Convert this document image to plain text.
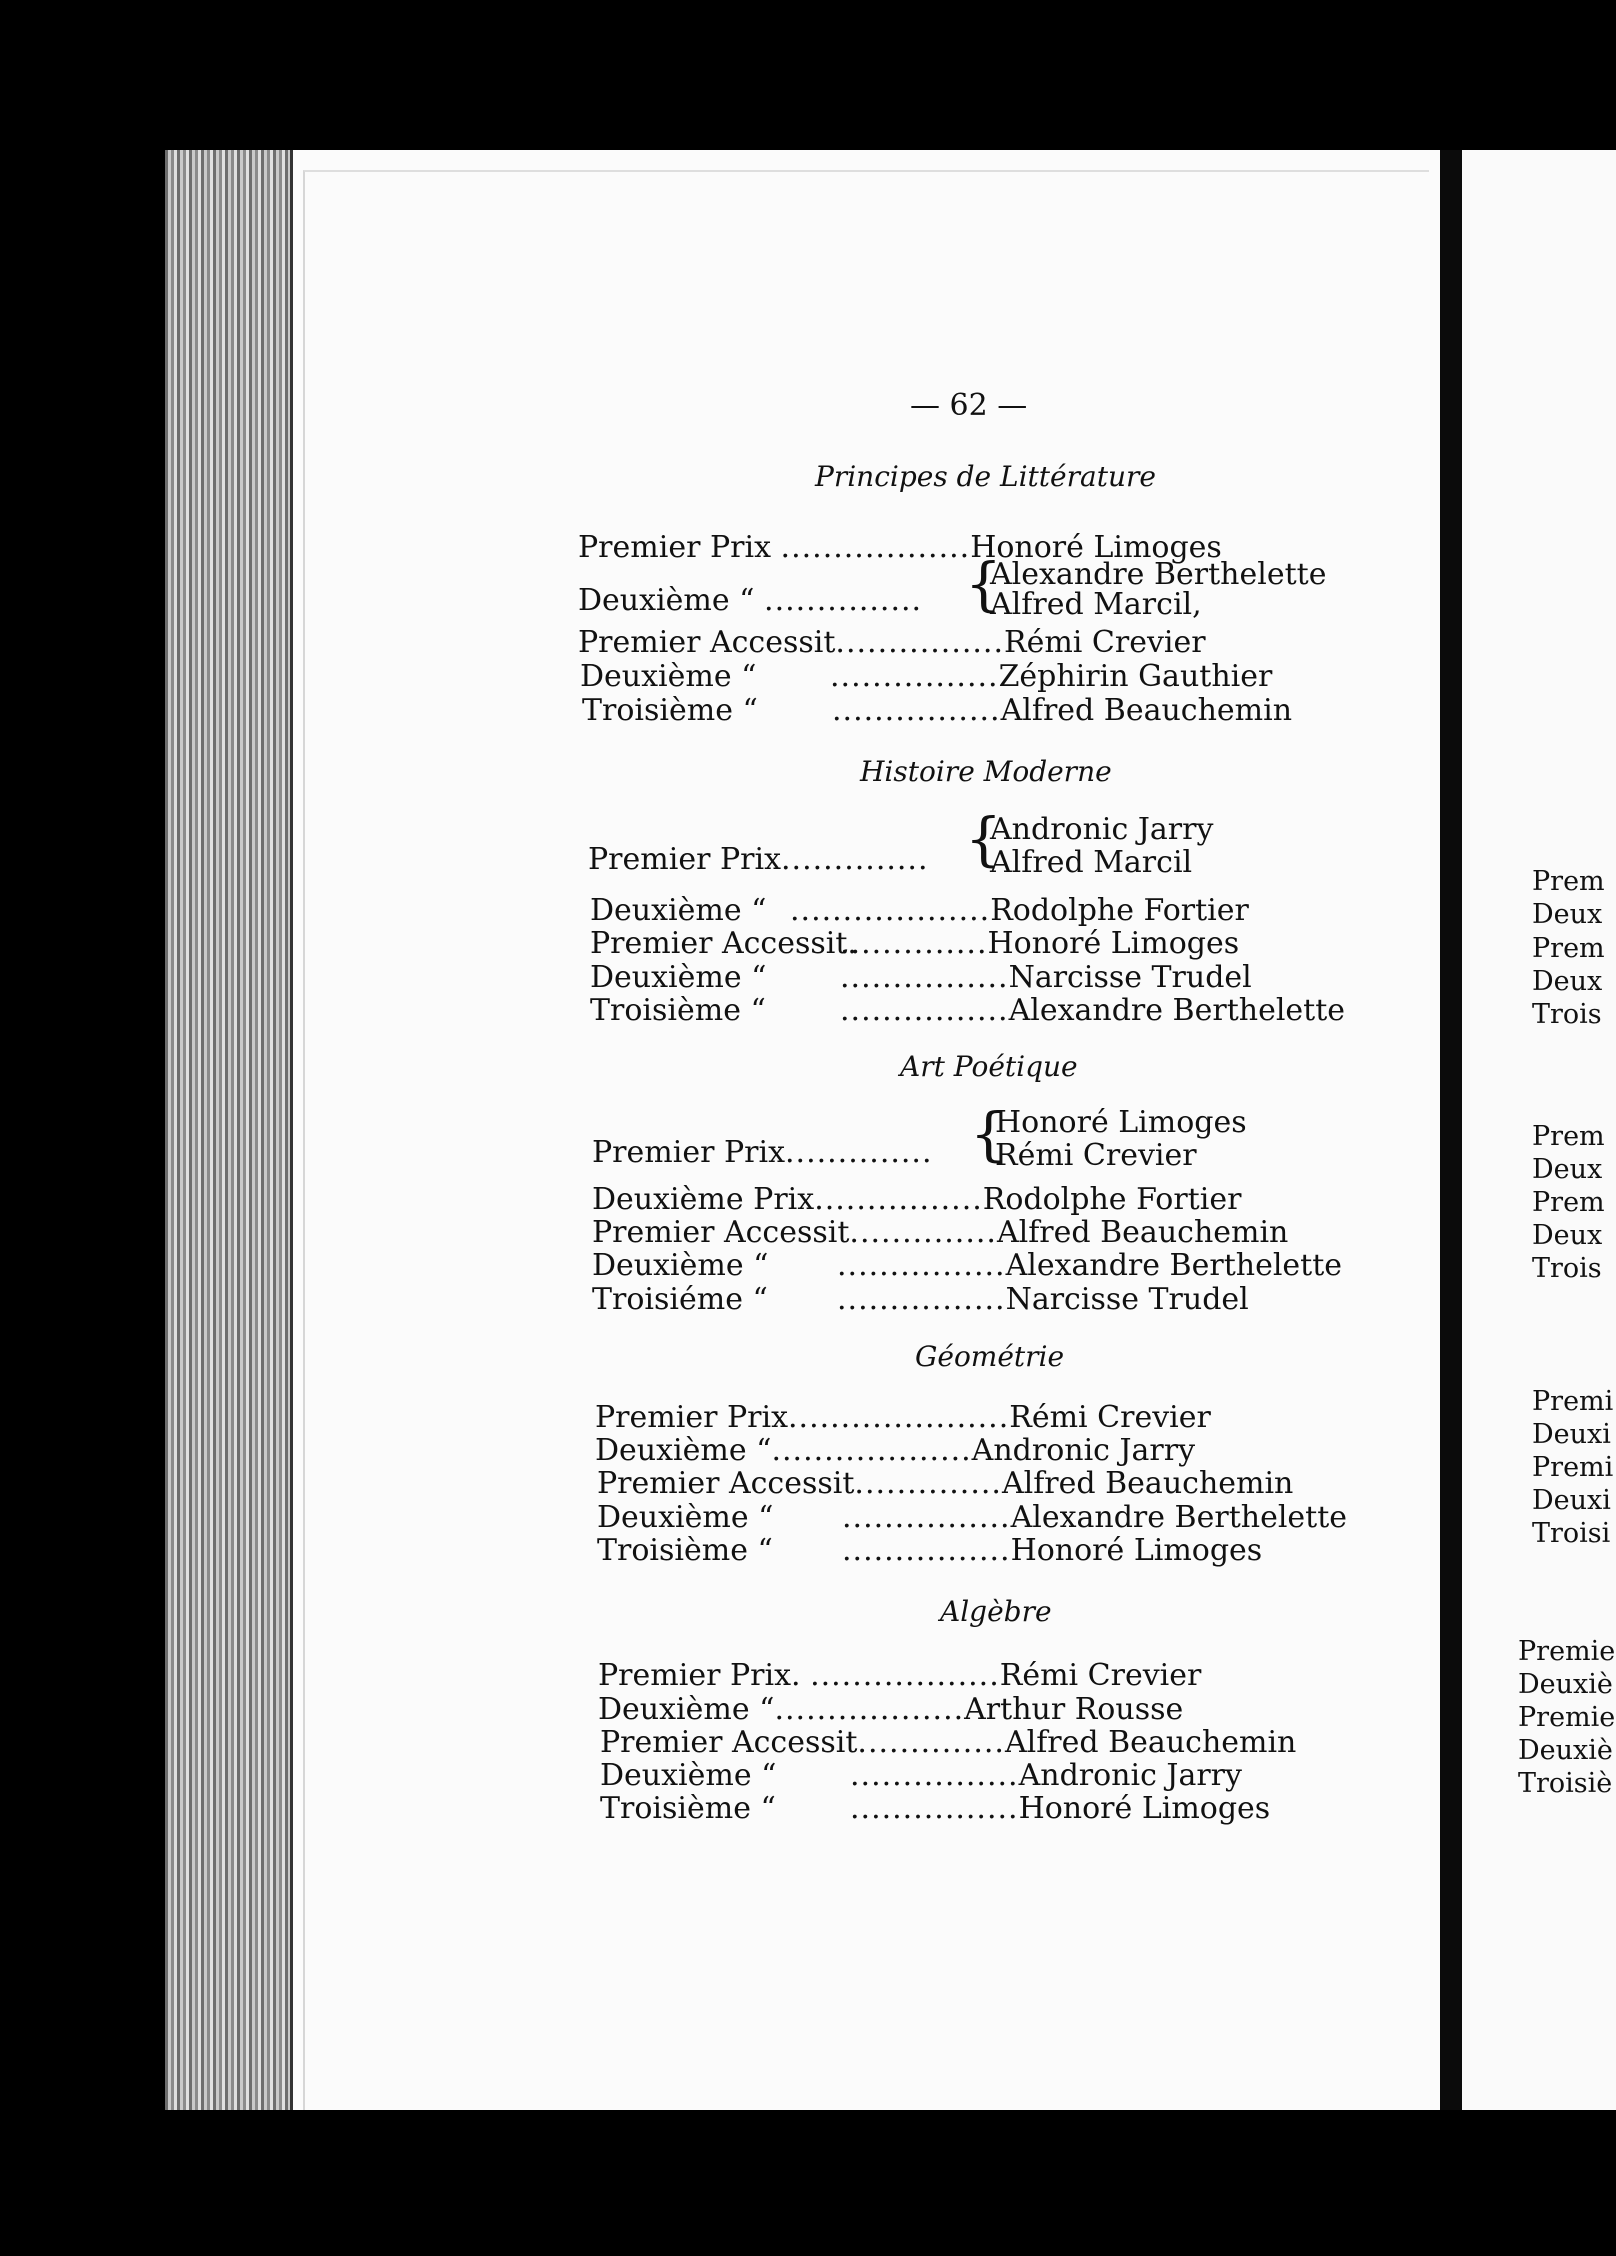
Prem
Deux
Prem
Deux
Trois
Prem
Deux
Prem
Deux
Trois
Premi
Deuxi
Premi
Deuxi
Troisi
Premie
Deuxiè
Premie
Deuxiè
Troisiè
— 62 —
Principes de Littérature
Premier Prix ..................Honoré Limoges
{
Alexandre Berthelette
Deuxième “ ............... Alfred Marcil,
Premier Accessit................Rémi Crevier
Deuxième “ ................Zéphirin Gauthier
Troisième “ ................Alfred Beauchemin
Histoire Moderne
{
Andronic Jarry
Premier Prix.............. Alfred Marcil
Deuxième “ ...................Rodolphe Fortier
Premier Accessit...............Honoré Limoges
Deuxième “ ................Narcisse Trudel
Troisième “ ................Alexandre Berthelette
Art Poétique
{
Honoré Limoges
Premier Prix.............. Rémi Crevier
Deuxième Prix................Rodolphe Fortier
Premier Accessit..............Alfred Beauchemin
Deuxième “ ................Alexandre Berthelette
Troisiéme “ ................Narcisse Trudel
Géométrie
Premier Prix.....................Rémi Crevier
Deuxième “...................Andronic Jarry
Premier Accessit..............Alfred Beauchemin
Deuxième “ ................Alexandre Berthelette
Troisième “ ................Honoré Limoges
Algèbre
Premier Prix. ..................Rémi Crevier
Deuxième “..................Arthur Rousse
Premier Accessit..............Alfred Beauchemin
Deuxième “ ................Andronic Jarry
Troisième “ ................Honoré Limoges
